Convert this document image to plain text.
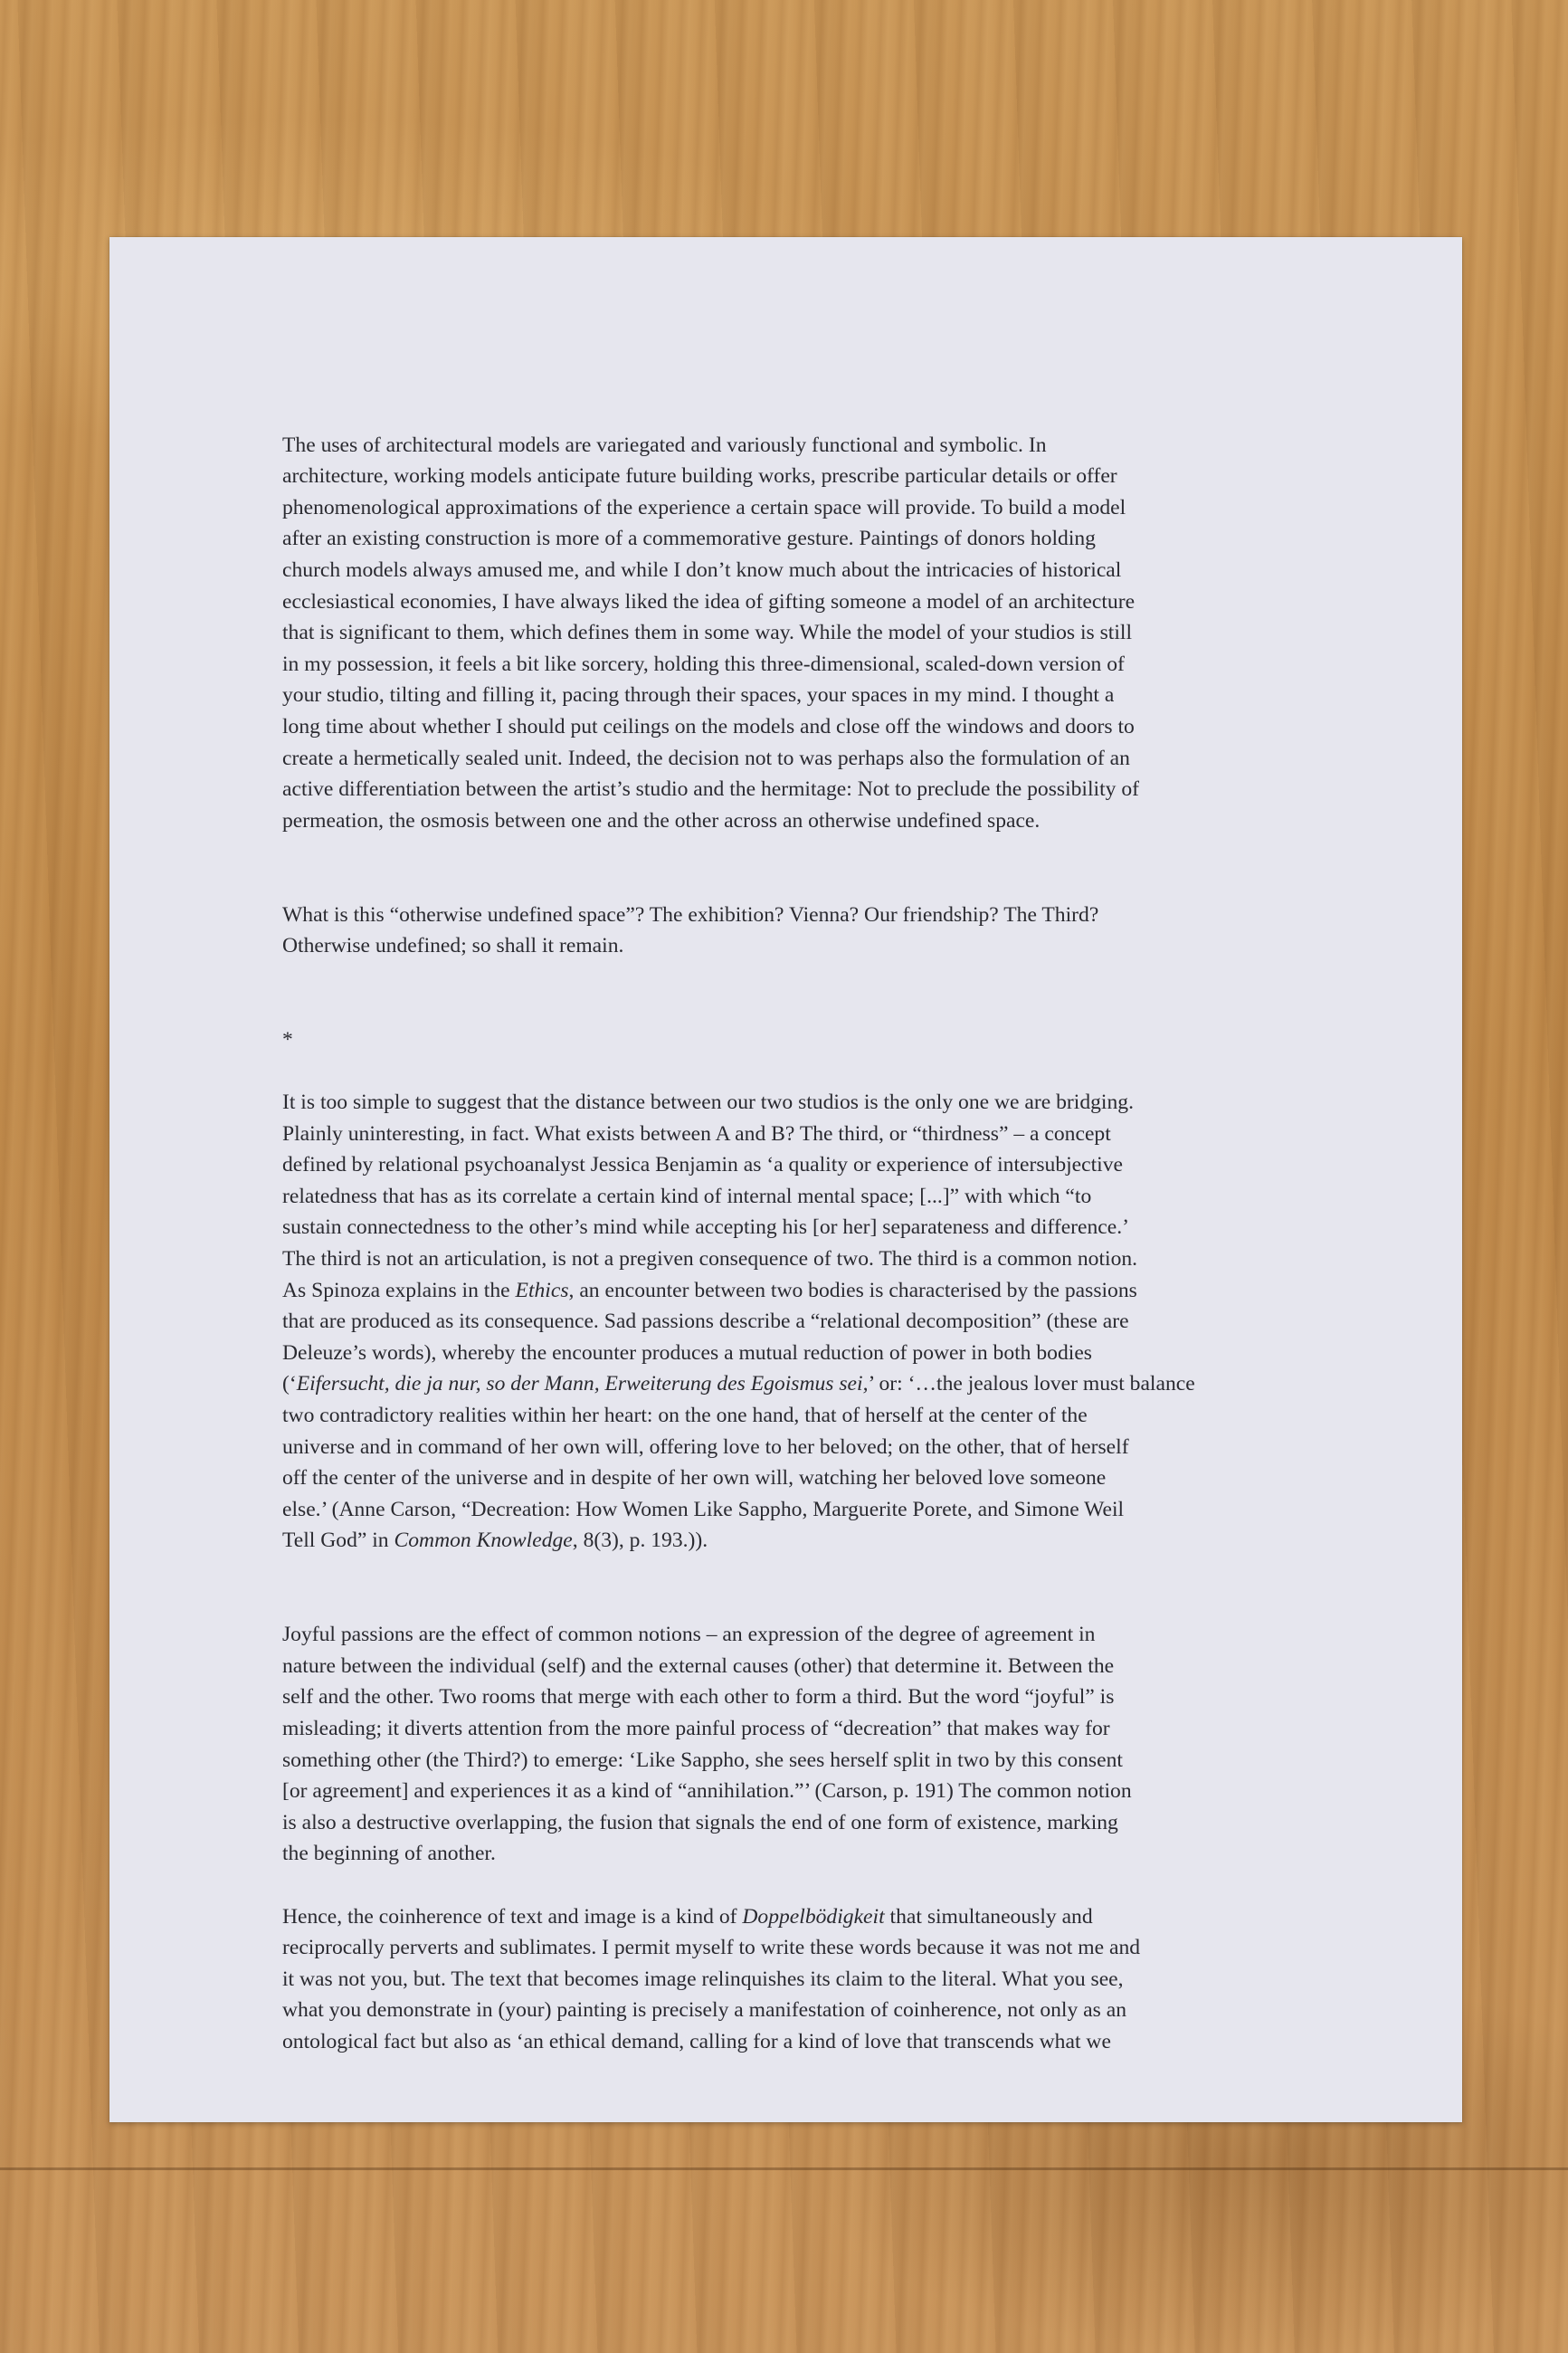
The uses of architectural models are variegated and variously functional and symbolic. In
architecture, working models anticipate future building works, prescribe particular details or offer
phenomenological approximations of the experience a certain space will provide. To build a model
after an existing construction is more of a commemorative gesture. Paintings of donors holding
church models always amused me, and while I don’t know much about the intricacies of historical
ecclesiastical economies, I have always liked the idea of gifting someone a model of an architecture
that is significant to them, which defines them in some way. While the model of your studios is still
in my possession, it feels a bit like sorcery, holding this three-dimensional, scaled-down version of
your studio, tilting and filling it, pacing through their spaces, your spaces in my mind. I thought a
long time about whether I should put ceilings on the models and close off the windows and doors to
create a hermetically sealed unit. Indeed, the decision not to was perhaps also the formulation of an
active differentiation between the artist’s studio and the hermitage: Not to preclude the possibility of
permeation, the osmosis between one and the other across an otherwise undefined space.

What is this “otherwise undefined space”? The exhibition? Vienna? Our friendship? The Third?
Otherwise undefined; so shall it remain.

*

It is too simple to suggest that the distance between our two studios is the only one we are bridging.
Plainly uninteresting, in fact. What exists between A and B? The third, or “thirdness” – a concept
defined by relational psychoanalyst Jessica Benjamin as ‘a quality or experience of intersubjective
relatedness that has as its correlate a certain kind of internal mental space; [...]” with which “to
sustain connectedness to the other’s mind while accepting his [or her] separateness and difference.’
The third is not an articulation, is not a pregiven consequence of two. The third is a common notion.
As Spinoza explains in the Ethics, an encounter between two bodies is characterised by the passions
that are produced as its consequence. Sad passions describe a “relational decomposition” (these are
Deleuze’s words), whereby the encounter produces a mutual reduction of power in both bodies
(‘Eifersucht, die ja nur, so der Mann, Erweiterung des Egoismus sei,’ or: ‘…the jealous lover must balance
two contradictory realities within her heart: on the one hand, that of herself at the center of the
universe and in command of her own will, offering love to her beloved; on the other, that of herself
off the center of the universe and in despite of her own will, watching her beloved love someone
else.’ (Anne Carson, “Decreation: How Women Like Sappho, Marguerite Porete, and Simone Weil
Tell God” in Common Knowledge, 8(3), p. 193.)).

Joyful passions are the effect of common notions – an expression of the degree of agreement in
nature between the individual (self) and the external causes (other) that determine it. Between the
self and the other. Two rooms that merge with each other to form a third. But the word “joyful” is
misleading; it diverts attention from the more painful process of “decreation” that makes way for
something other (the Third?) to emerge: ‘Like Sappho, she sees herself split in two by this consent
[or agreement] and experiences it as a kind of “annihilation.”’ (Carson, p. 191) The common notion
is also a destructive overlapping, the fusion that signals the end of one form of existence, marking
the beginning of another.

Hence, the coinherence of text and image is a kind of Doppelbödigkeit that simultaneously and
reciprocally perverts and sublimates. I permit myself to write these words because it was not me and
it was not you, but. The text that becomes image relinquishes its claim to the literal. What you see,
what you demonstrate in (your) painting is precisely a manifestation of coinherence, not only as an
ontological fact but also as ‘an ethical demand, calling for a kind of love that transcends what we
